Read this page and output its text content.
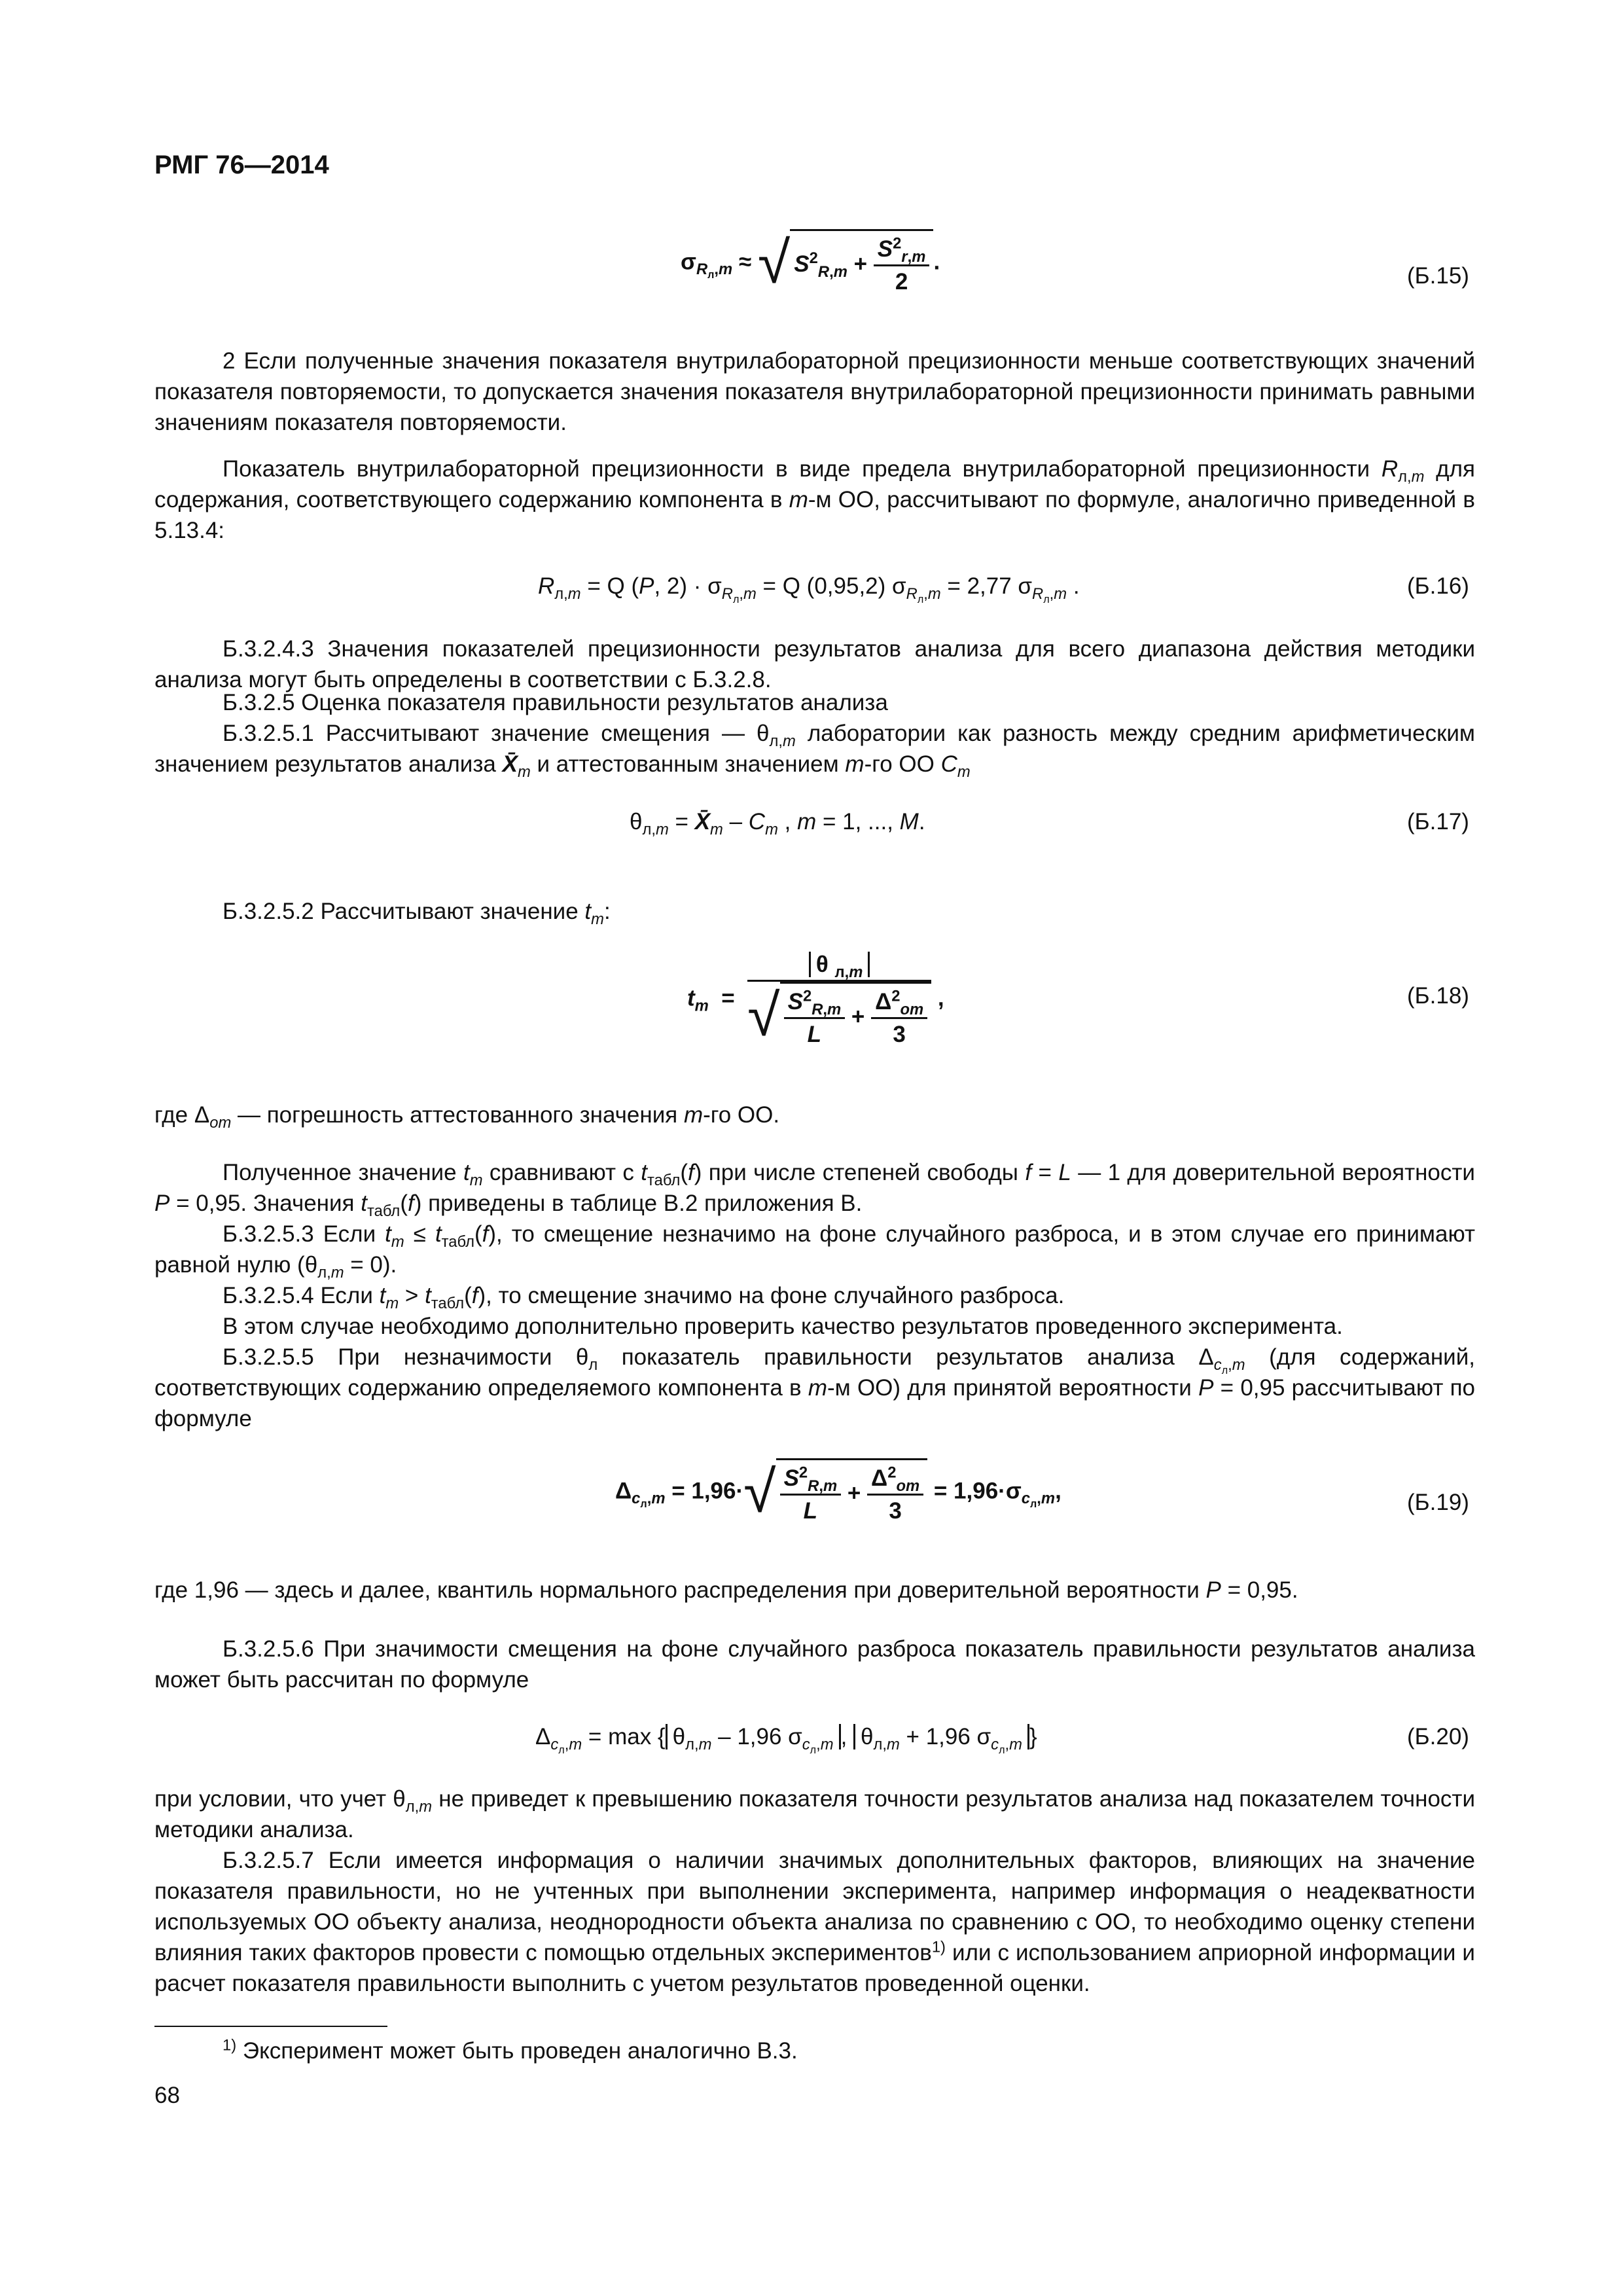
РМГ 76—2014
$\sigma_{R_л,m}$ ≈ √ $S^2_{R,m} + \frac{S^2_{r,m}}{2}$ .
(Б.15)
2 Если полученные значения показателя внутрилабораторной прецизионности меньше соответствующих значений показателя повторяемости, то допускается значения показателя внутрилабораторной прецизионности принимать равными значениям показателя повторяемости.
Показатель внутрилабораторной прецизионности в виде предела внутрилабораторной прецизионности $R_{л,m}$ для содержания, соответствующего содержанию компонента в m-м ОО, рассчитывают по формуле, аналогично приведенной в 5.13.4:
$R_{л,m} = Q$ (P, $2) \cdot \sigma_{R_л,m} = Q$ (0,95,2) $\sigma_{R_л,m} = 2,77$ $\sigma_{R_л,m}$ .	(Б.16)
Б.3.2.4.3 Значения показателей прецизионности результатов анализа для всего диапазона действия методики анализа могут быть определены в соответствии с Б.3.2.8.
Б.3.2.5 Оценка показателя правильности результатов анализа
Б.3.2.5.1 Рассчитывают значение смещения — $\theta_{л,m}$ лаборатории как разность между средним арифметическим значением результатов анализа $X̄_m$ и аттестованным значением m-го ОО $C_m$
$\theta_{л,m}$ = $X̄_m - C_m$ , m = 1, ..., M.	(Б.17)
Б.3.2.5.2 Рассчитывают значение $t_m$:
$t_m = \frac{\theta _{л,m}}{√ \frac{S^2_{R,m}}{L} + \frac{\Delta^2_{om}}{3}}$ ,	(Б.18)
где $\Delta_{om}$ — погрешность аттестованного значения m-го ОО.
Полученное значение $t_m$ сравнивают с $t_{табл}(f)$ при числе степеней свободы f = L — 1 для доверительной вероятности P = 0,95. Значения $t_{табл}(f)$ приведены в таблице В.2 приложения В.
Б.3.2.5.3 Если $t_m \le t_{табл}(f)$, то смещение незначимо на фоне случайного разброса, и в этом случае его принимают равной нулю $(\theta_{л,m} = 0)$.
Б.3.2.5.4 Если $t_m > t_{табл}(f)$, то смещение значимо на фоне случайного разброса.
В этом случае необходимо дополнительно проверить качество результатов проведенного эксперимента.
Б.3.2.5.5 При незначимости $\theta_л$ показатель правильности результатов анализа $\Delta_{c_л,m}$ (для содержаний, соответствующих содержанию определяемого компонента в m-м ОО) для принятой вероятности P = 0,95 рассчитывают по формуле
$\Delta_{c_л,m} = 1,96\cdot√ \frac{S^2_{R,m}}{L} + \frac{\Delta^2_{om}}{3} = 1,96\cdot\sigma_{c_л,m}$,	(Б.19)
где 1,96 — здесь и далее, квантиль нормального распределения при доверительной вероятности P = 0,95.
Б.3.2.5.6 При значимости смещения на фоне случайного разброса показатель правильности результатов анализа может быть рассчитан по формуле
$\Delta_{c_л,m} = \max$ { $\theta_{л,m} - 1,96$ $\sigma_{c_л,m}$ , $\theta_{л,m} + 1,96$ $\sigma_{c_л,m}$ }	(Б.20)
при условии, что учет $\theta_{л,m}$ не приведет к превышению показателя точности результатов анализа над показателем точности методики анализа.
Б.3.2.5.7 Если имеется информация о наличии значимых дополнительных факторов, влияющих на значение показателя правильности, но не учтенных при выполнении эксперимента, например информация о неадекватности используемых ОО объекту анализа, неоднородности объекта анализа по сравнению с ОО, то необходимо оценку степени влияния таких факторов провести с помощью отдельных экспериментов$^{1)}$ или с использованием априорной информации и расчет показателя правильности выполнить с учетом результатов проведенной оценки.
$^{1)}$ Эксперимент может быть проведен аналогично В.3.
68
